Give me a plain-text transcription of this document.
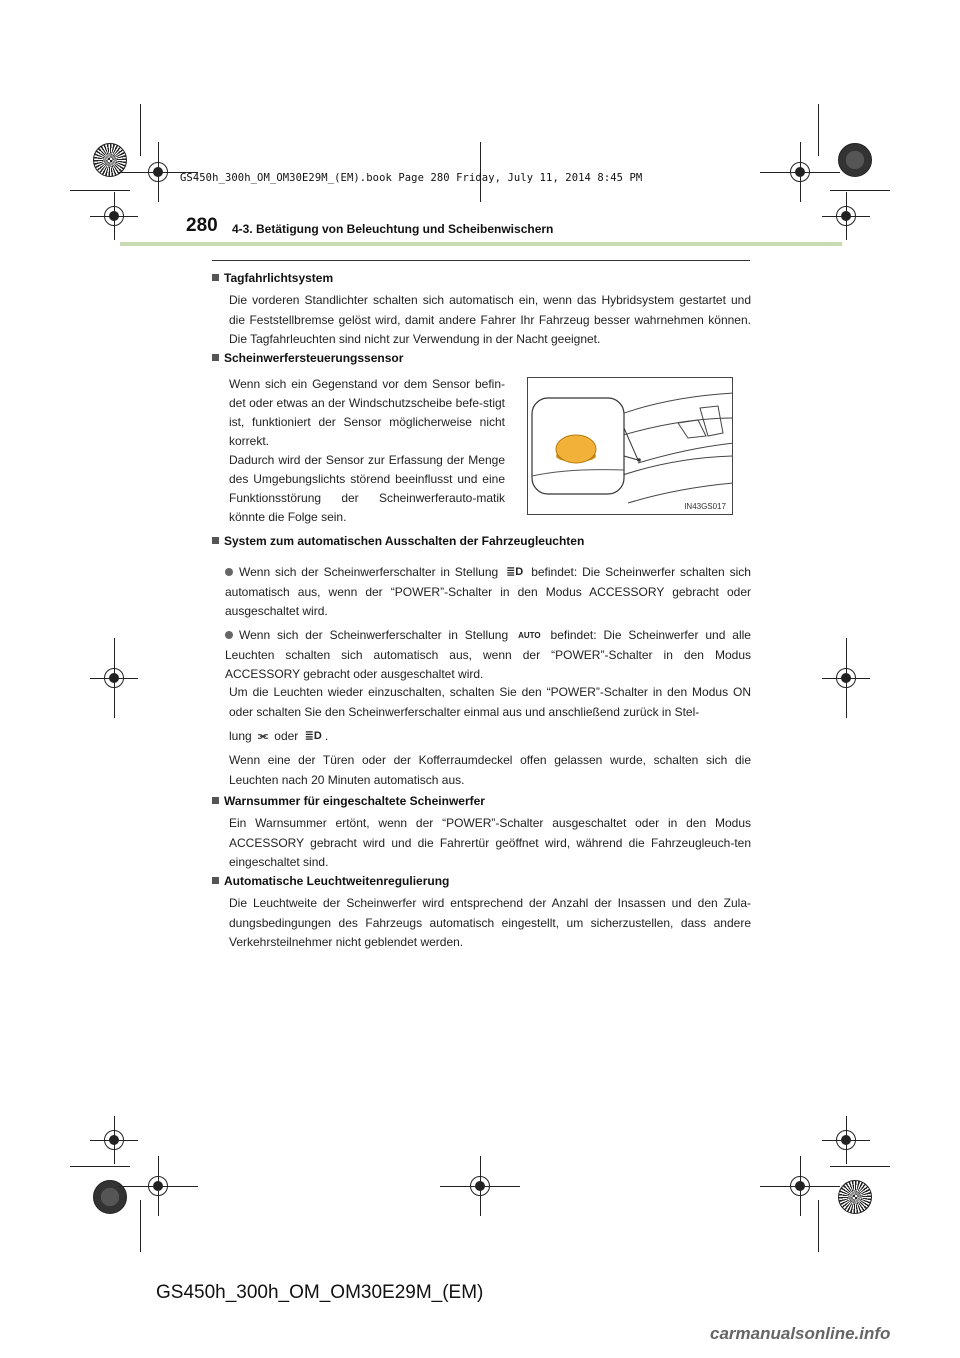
GS450h_300h_OM_OM30E29M_(EM).book Page 280 Friday, July 11, 2014 8:45 PM
280 4-3. Betätigung von Beleuchtung und Scheibenwischern
Tagfahrlichtsystem
Die vorderen Standlichter schalten sich automatisch ein, wenn das Hybridsystem gestartet und die Feststellbremse gelöst wird, damit andere Fahrer Ihr Fahrzeug besser wahrnehmen können. Die Tagfahrleuchten sind nicht zur Verwendung in der Nacht geeignet.
Scheinwerfersteuerungssensor
Wenn sich ein Gegenstand vor dem Sensor befin-det oder etwas an der Windschutzscheibe befe-stigt ist, funktioniert der Sensor möglicherweise nicht korrekt.
Dadurch wird der Sensor zur Erfassung der Menge des Umgebungslichts störend beeinflusst und eine Funktionsstörung der Scheinwerferauto-matik könnte die Folge sein.
IN43GS017
System zum automatischen Ausschalten der Fahrzeugleuchten
Wenn sich der Scheinwerferschalter in Stellung ≣D befindet: Die Scheinwerfer schalten sich automatisch aus, wenn der “POWER”-Schalter in den Modus ACCESSORY gebracht oder ausgeschaltet wird.
Wenn sich der Scheinwerferschalter in Stellung AUTO befindet: Die Scheinwerfer und alle Leuchten schalten sich automatisch aus, wenn der “POWER”-Schalter in den Modus ACCESSORY gebracht oder ausgeschaltet wird.
Um die Leuchten wieder einzuschalten, schalten Sie den “POWER”-Schalter in den Modus ON oder schalten Sie den Scheinwerferschalter einmal aus und anschließend zurück in Stel-
lung ⫘ oder ≣D .
Wenn eine der Türen oder der Kofferraumdeckel offen gelassen wurde, schalten sich die Leuchten nach 20 Minuten automatisch aus.
Warnsummer für eingeschaltete Scheinwerfer
Ein Warnsummer ertönt, wenn der “POWER”-Schalter ausgeschaltet oder in den Modus ACCESSORY gebracht wird und die Fahrertür geöffnet wird, während die Fahrzeugleuch-ten eingeschaltet sind.
Automatische Leuchtweitenregulierung
Die Leuchtweite der Scheinwerfer wird entsprechend der Anzahl der Insassen und den Zula-dungsbedingungen des Fahrzeugs automatisch eingestellt, um sicherzustellen, dass andere Verkehrsteilnehmer nicht geblendet werden.
GS450h_300h_OM_OM30E29M_(EM)
carmanualsonline.info
